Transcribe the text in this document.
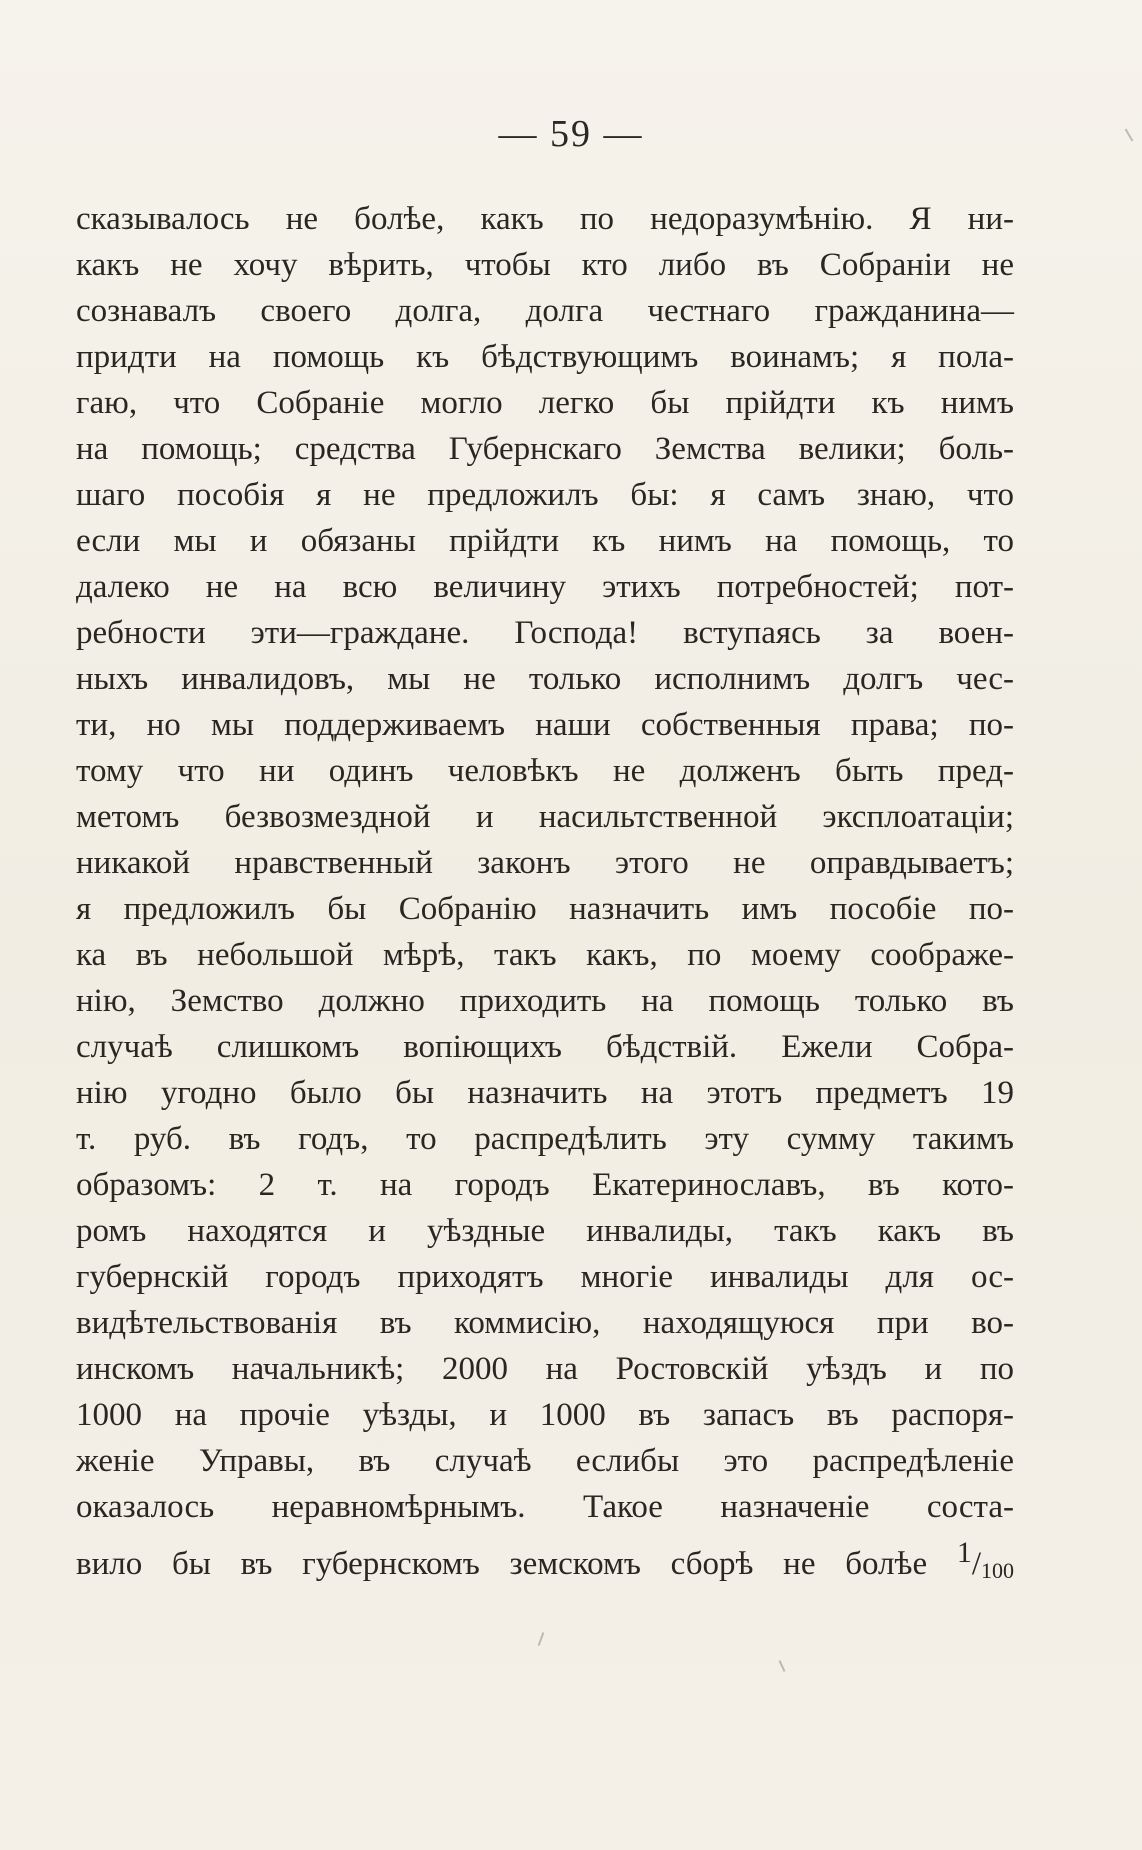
— 59 —
сказывалось не болѣе, какъ по недоразумѣнію. Я ни-
какъ не хочу вѣрить, чтобы кто либо въ Собраніи не
сознавалъ своего долга, долга честнаго гражданина—
придти на помощь къ бѣдствующимъ воинамъ; я пола-
гаю, что Собраніе могло легко бы прійдти къ нимъ
на помощь; средства Губернскаго Земства велики; боль-
шаго пособія я не предложилъ бы: я самъ знаю, что
если мы и обязаны прійдти къ нимъ на помощь, то
далеко не на всю величину этихъ потребностей; пот-
ребности эти—граждане. Господа! вступаясь за воен-
ныхъ инвалидовъ, мы не только исполнимъ долгъ чес-
ти, но мы поддерживаемъ наши собственныя права; по-
тому что ни одинъ человѣкъ не долженъ быть пред-
метомъ безвозмездной и насильтственной эксплоатаціи;
никакой нравственный законъ этого не оправдываетъ;
я предложилъ бы Собранію назначить имъ пособіе по-
ка въ небольшой мѣрѣ, такъ какъ, по моему соображе-
нію, Земство должно приходить на помощь только въ
случаѣ слишкомъ вопіющихъ бѣдствій. Ежели Собра-
нію угодно было бы назначить на этотъ предметъ 19
т. руб. въ годъ, то распредѣлить эту сумму такимъ
образомъ: 2 т. на городъ Екатеринославъ, въ кото-
ромъ находятся и уѣздные инвалиды, такъ какъ въ
губернскій городъ приходятъ многіе инвалиды для ос-
видѣтельствованія въ коммисію, находящуюся при во-
инскомъ начальникѣ; 2000 на Ростовскій уѣздъ и по
1000 на прочіе уѣзды, и 1000 въ запасъ въ распоря-
женіе Управы, въ случаѣ еслибы это распредѣленіе
оказалось неравномѣрнымъ. Такое назначеніе соста-
вило бы въ губернскомъ земскомъ сборѣ не болѣе $^1$/100
